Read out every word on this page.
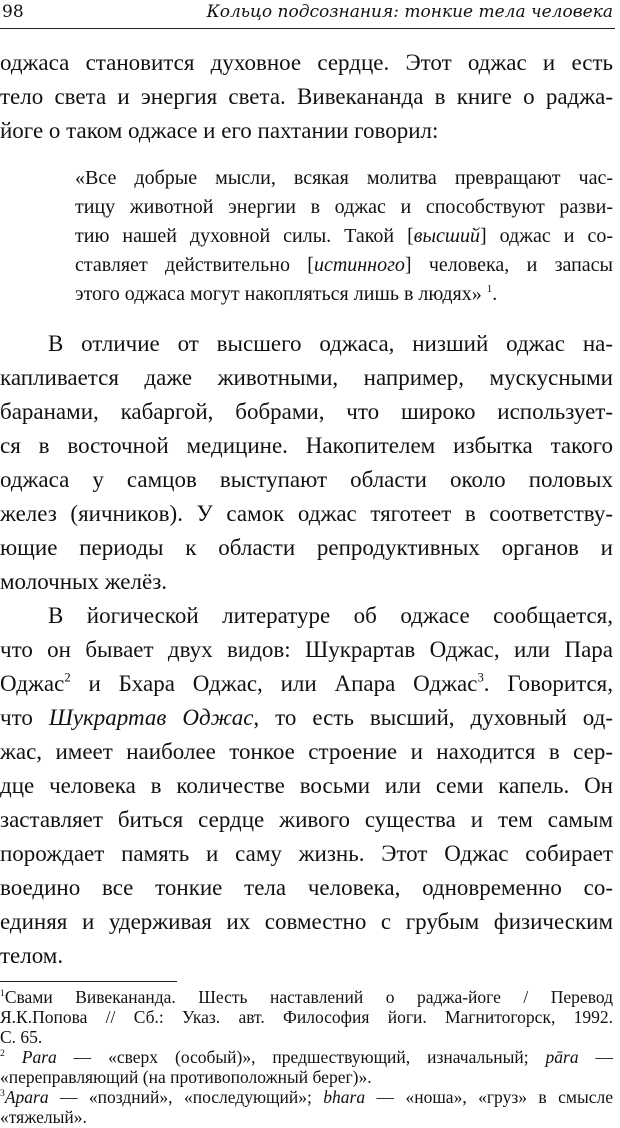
98	Кольцо подсознания: тонкие тела человека

оджаса становится духовное сердце. Этот оджас и есть

тело света и энергия света. Вивекананда в книге о раджа-

йоге о таком оджасе и его пахтании говорил:

«Все добрые мысли, всякая молитва превращают час-

тицу животной энергии в оджас и способствуют разви-

тию нашей духовной силы. Такой [высший] оджас и со-

ставляет действительно [истинного] человека, и запасы

этого оджаса могут накопляться лишь в людях» $^1$.

В отличие от высшего оджаса, низший оджас на-

капливается даже животными, например, мускусными

баранами, кабаргой, бобрами, что широко использует-

ся в восточной медицине. Накопителем избытка такого

оджаса у самцов выступают области около половых

желез (яичников). У самок оджас тяготеет в соответству-

ющие периоды к области репродуктивных органов и

молочных желёз.

В йогической литературе об оджасе сообщается,

что он бывает двух видов: Шукрартав Оджас, или Пара

Оджас$^2$ и Бхара Оджас, или Апара Оджас$^3$. Говорится,

что Шукрартав Оджас, то есть высший, духовный од-

жас, имеет наиболее тонкое строение и находится в сер-

дце человека в количестве восьми или семи капель. Он

заставляет биться сердце живого существа и тем самым

порождает память и саму жизнь. Этот Оджас собирает

воедино все тонкие тела человека, одновременно со-

единяя и удерживая их совместно с грубым физическим

телом.

$^1$Свами Вивекананда. Шесть наставлений о раджа-йоге / Перевод

Я.К.Попова // Сб.: Указ. авт. Философия йоги. Магнитогорск, 1992.

С. 65.

$^2$ Para — «сверх (особый)», предшествующий, изначальный; pāra —

«переправляющий (на противоположный берег)».

$^3$Apara — «поздний», «последующий»; bhara — «ноша», «груз» в смысле

«тяжелый».
